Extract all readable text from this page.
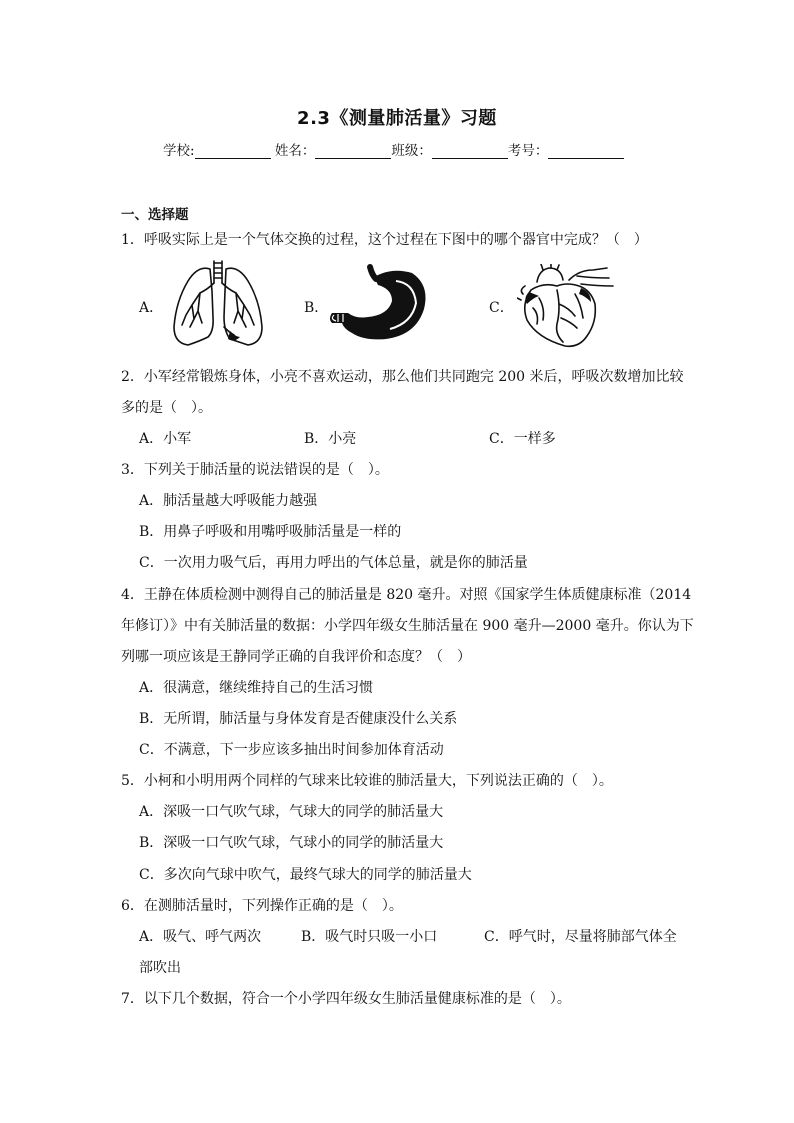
2.3《测量肺活量》习题
学校:	姓名：	班级：	考号：
一、选择题
1．呼吸实际上是一个气体交换的过程，这个过程在下图中的哪个器官中完成？（　）
A．	B．	C．
2．小军经常锻炼身体，小亮不喜欢运动，那么他们共同跑完 200 米后，呼吸次数增加比较
多的是（　）。
A．小军	B．小亮	C．一样多
3．下列关于肺活量的说法错误的是（　）。
A．肺活量越大呼吸能力越强
B．用鼻子呼吸和用嘴呼吸肺活量是一样的
C．一次用力吸气后，再用力呼出的气体总量，就是你的肺活量
4．王静在体质检测中测得自己的肺活量是 820 毫升。对照《国家学生体质健康标准（2014
年修订）》中有关肺活量的数据：小学四年级女生肺活量在 900 毫升—2000 毫升。你认为下
列哪一项应该是王静同学正确的自我评价和态度？（　）
A．很满意，继续维持自己的生活习惯
B．无所谓，肺活量与身体发育是否健康没什么关系
C．不满意，下一步应该多抽出时间参加体育活动
5．小柯和小明用两个同样的气球来比较谁的肺活量大，下列说法正确的（　）。
A．深吸一口气吹气球，气球大的同学的肺活量大
B．深吸一口气吹气球，气球小的同学的肺活量大
C．多次向气球中吹气，最终气球大的同学的肺活量大
6．在测肺活量时，下列操作正确的是（　）。
A．吸气、呼气两次	B．吸气时只吸一小口	C．呼气时，尽量将肺部气体全
部吹出
7．以下几个数据，符合一个小学四年级女生肺活量健康标准的是（　）。
